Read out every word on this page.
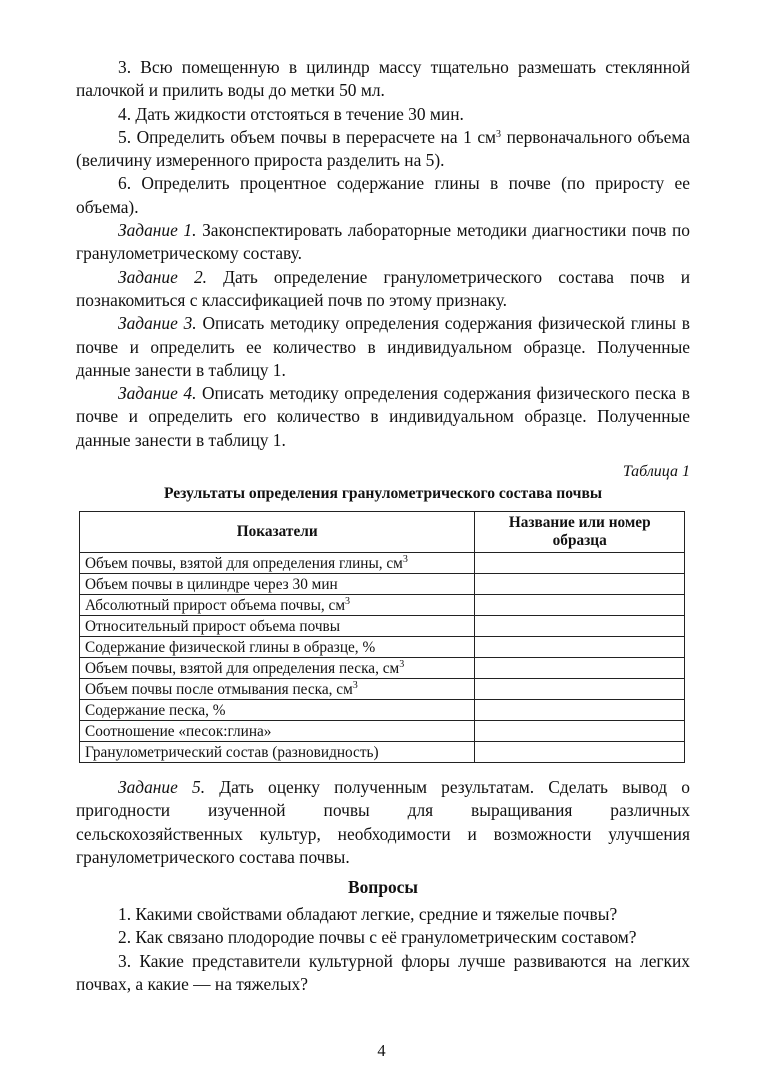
3. Всю помещенную в цилиндр массу тщательно размешать стеклянной палочкой и прилить воды до метки 50 мл.

4. Дать жидкости отстояться в течение 30 мин.

5. Определить объем почвы в перерасчете на 1 $см^3$ первоначального объема (величину измеренного прироста разделить на 5).

6. Определить процентное содержание глины в почве (по приросту ее объема).

Задание 1. Законспектировать лабораторные методики диагностики почв по гранулометрическому составу.

Задание 2. Дать определение гранулометрического состава почв и познакомиться с классификацией почв по этому признаку.

Задание 3. Описать методику определения содержания физической глины в почве и определить ее количество в индивидуальном образце. Полученные данные занести в таблицу 1.

Задание 4. Описать методику определения содержания физического песка в почве и определить его количество в индивидуальном образце. Полученные данные занести в таблицу 1.

Таблица 1
Результаты определения гранулометрического состава почвы
Показатели	Название или номер образца
Объем почвы, взятой для определения глины, $см^3$	
Объем почвы в цилиндре через 30 мин	
Абсолютный прирост объема почвы, $см^3$	
Относительный прирост объема почвы	
Содержание физической глины в образце, %	
Объем почвы, взятой для определения песка, $см^3$	
Объем почвы после отмывания песка, $см^3$	
Содержание песка, %	
Соотношение «песок:глина»	
Гранулометрический состав (разновидность)	

Задание 5. Дать оценку полученным результатам. Сделать вывод о пригодности изученной почвы для выращивания различных сельскохозяйственных культур, необходимости и возможности улучшения гранулометрического состава почвы.

Вопросы

1. Какими свойствами обладают легкие, средние и тяжелые почвы?

2. Как связано плодородие почвы с её гранулометрическим составом?

3. Какие представители культурной флоры лучше развиваются на легких почвах, а какие — на тяжелых?

4
